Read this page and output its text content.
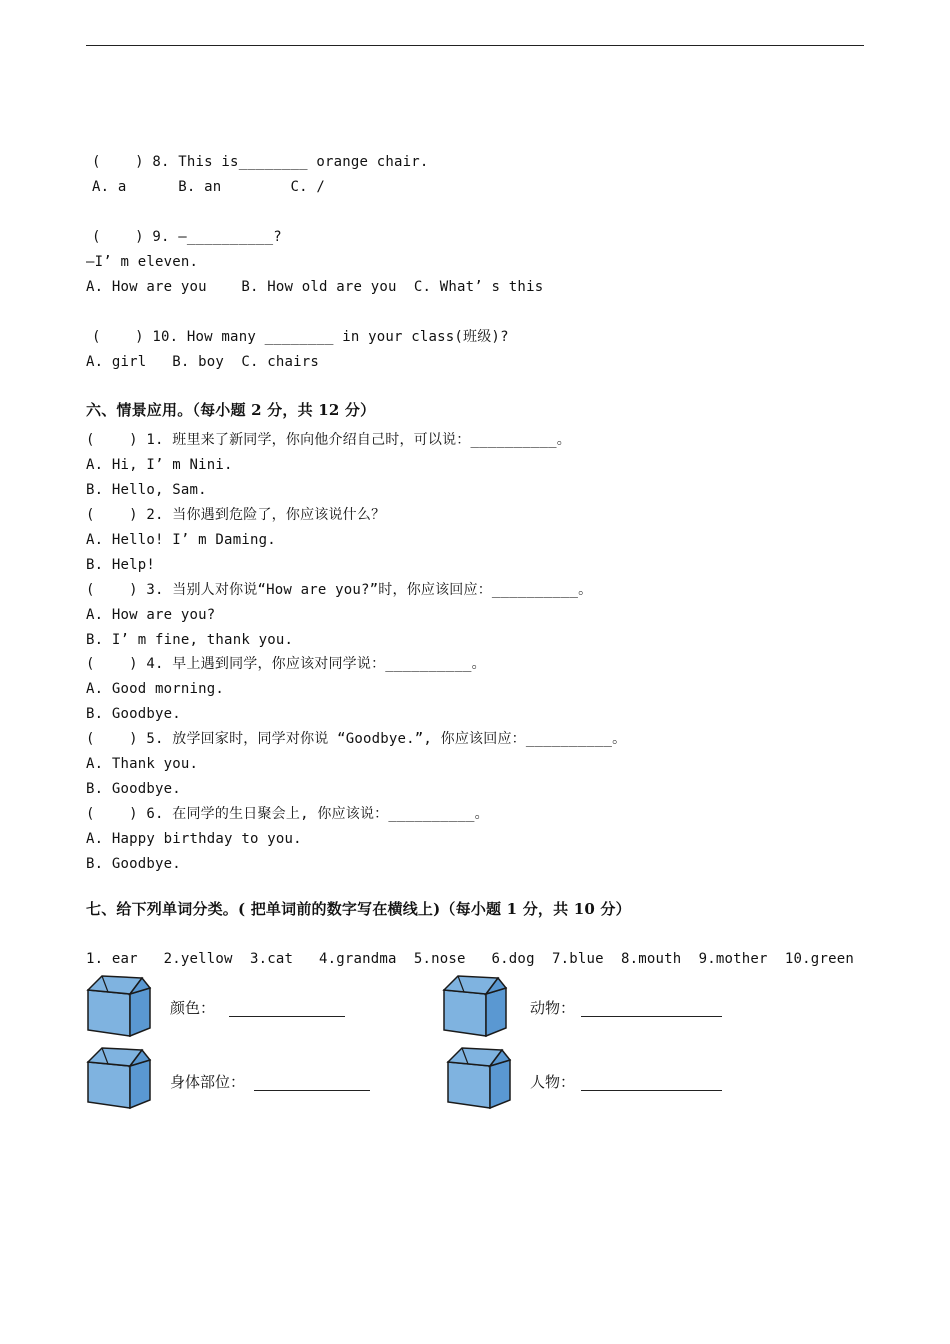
(    ) 8. This is________ orange chair.
A. a      B. an        C. /
(    ) 9. —__________?
—I’ m eleven.
A. How are you    B. How old are you  C. What’ s this
(    ) 10. How many ________ in your class(班级)?
A. girl   B. boy  C. chairs
六、情景应用。（每小题 2 分，共 12 分）
(    ) 1. 班里来了新同学，你向他介绍自己时，可以说：__________。
A. Hi, I’ m Nini.
B. Hello, Sam.
(    ) 2. 当你遇到危险了，你应该说什么？
A. Hello! I’ m Daming.
B. Help!
(    ) 3. 当别人对你说“How are you?”时，你应该回应：__________。
A. How are you?
B. I’ m fine, thank you.
(    ) 4. 早上遇到同学，你应该对同学说：__________。
A. Good morning.
B. Goodbye.
(    ) 5. 放学回家时，同学对你说 “Goodbye.”, 你应该回应：__________。
A. Thank you.
B. Goodbye.
(    ) 6. 在同学的生日聚会上, 你应该说：__________。
A. Happy birthday to you.
B. Goodbye.
七、给下列单词分类。( 把单词前的数字写在横线上)（每小题 1 分，共 10 分）
1. ear   2.yellow  3.cat   4.grandma  5.nose   6.dog  7.blue  8.mouth  9.mother  10.green
颜色：	动物：
身体部位：	人物：
